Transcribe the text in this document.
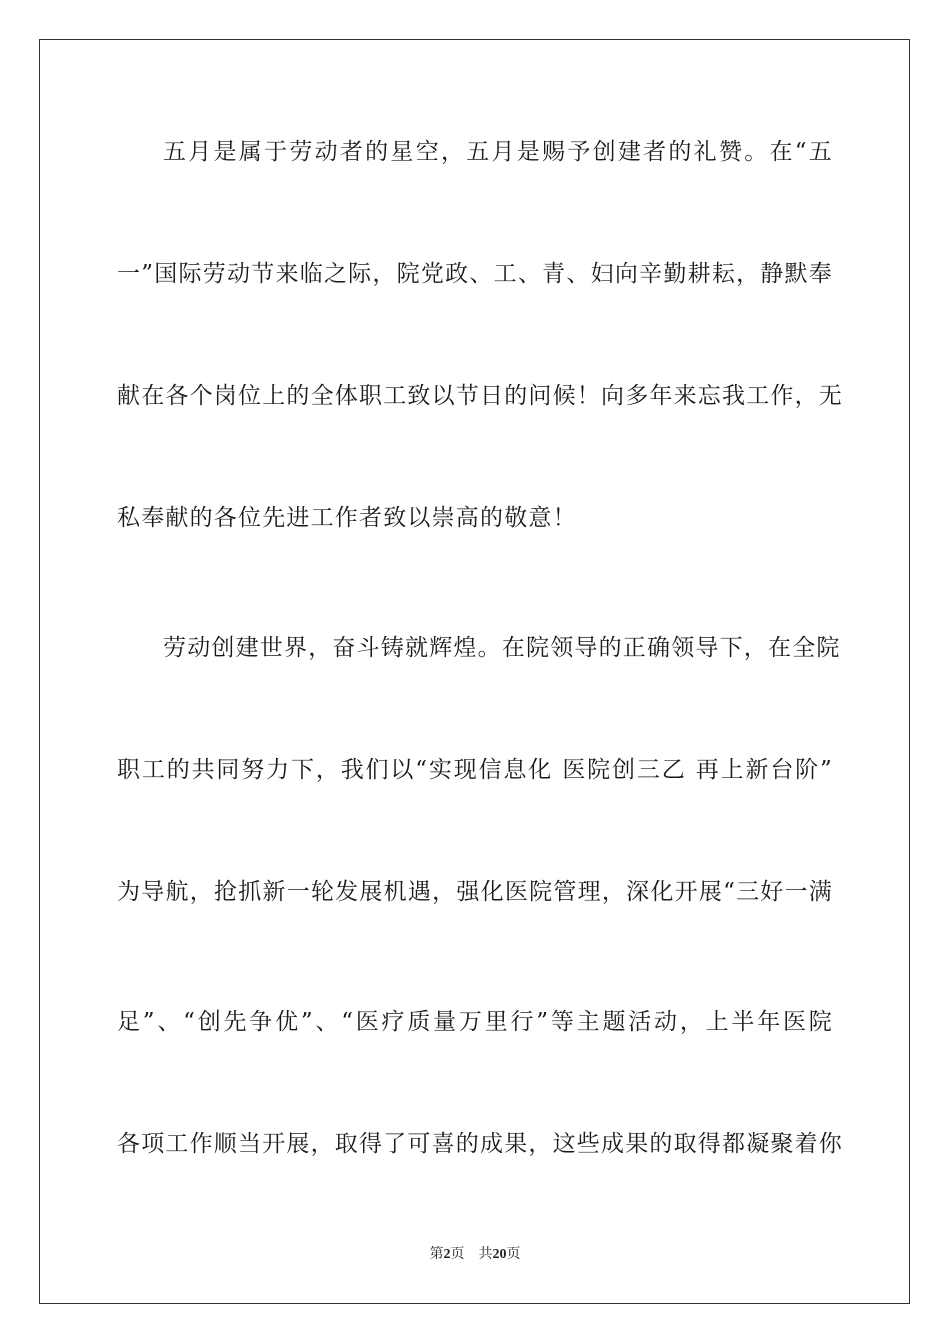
五月是属于劳动者的星空，五月是赐予创建者的礼赞。在“五
一”国际劳动节来临之际，院党政、工、青、妇向辛勤耕耘，静默奉
献在各个岗位上的全体职工致以节日的问候！向多年来忘我工作，无
私奉献的各位先进工作者致以崇高的敬意！
劳动创建世界，奋斗铸就辉煌。在院领导的正确领导下，在全院
职工的共同努力下，我们以“实现信息化 医院创三乙 再上新台阶”
为导航，抢抓新一轮发展机遇，强化医院管理，深化开展“三好一满
足”、“创先争优”、“医疗质量万里行”等主题活动，上半年医院
各项工作顺当开展，取得了可喜的成果，这些成果的取得都凝聚着你
第2页 共20页
